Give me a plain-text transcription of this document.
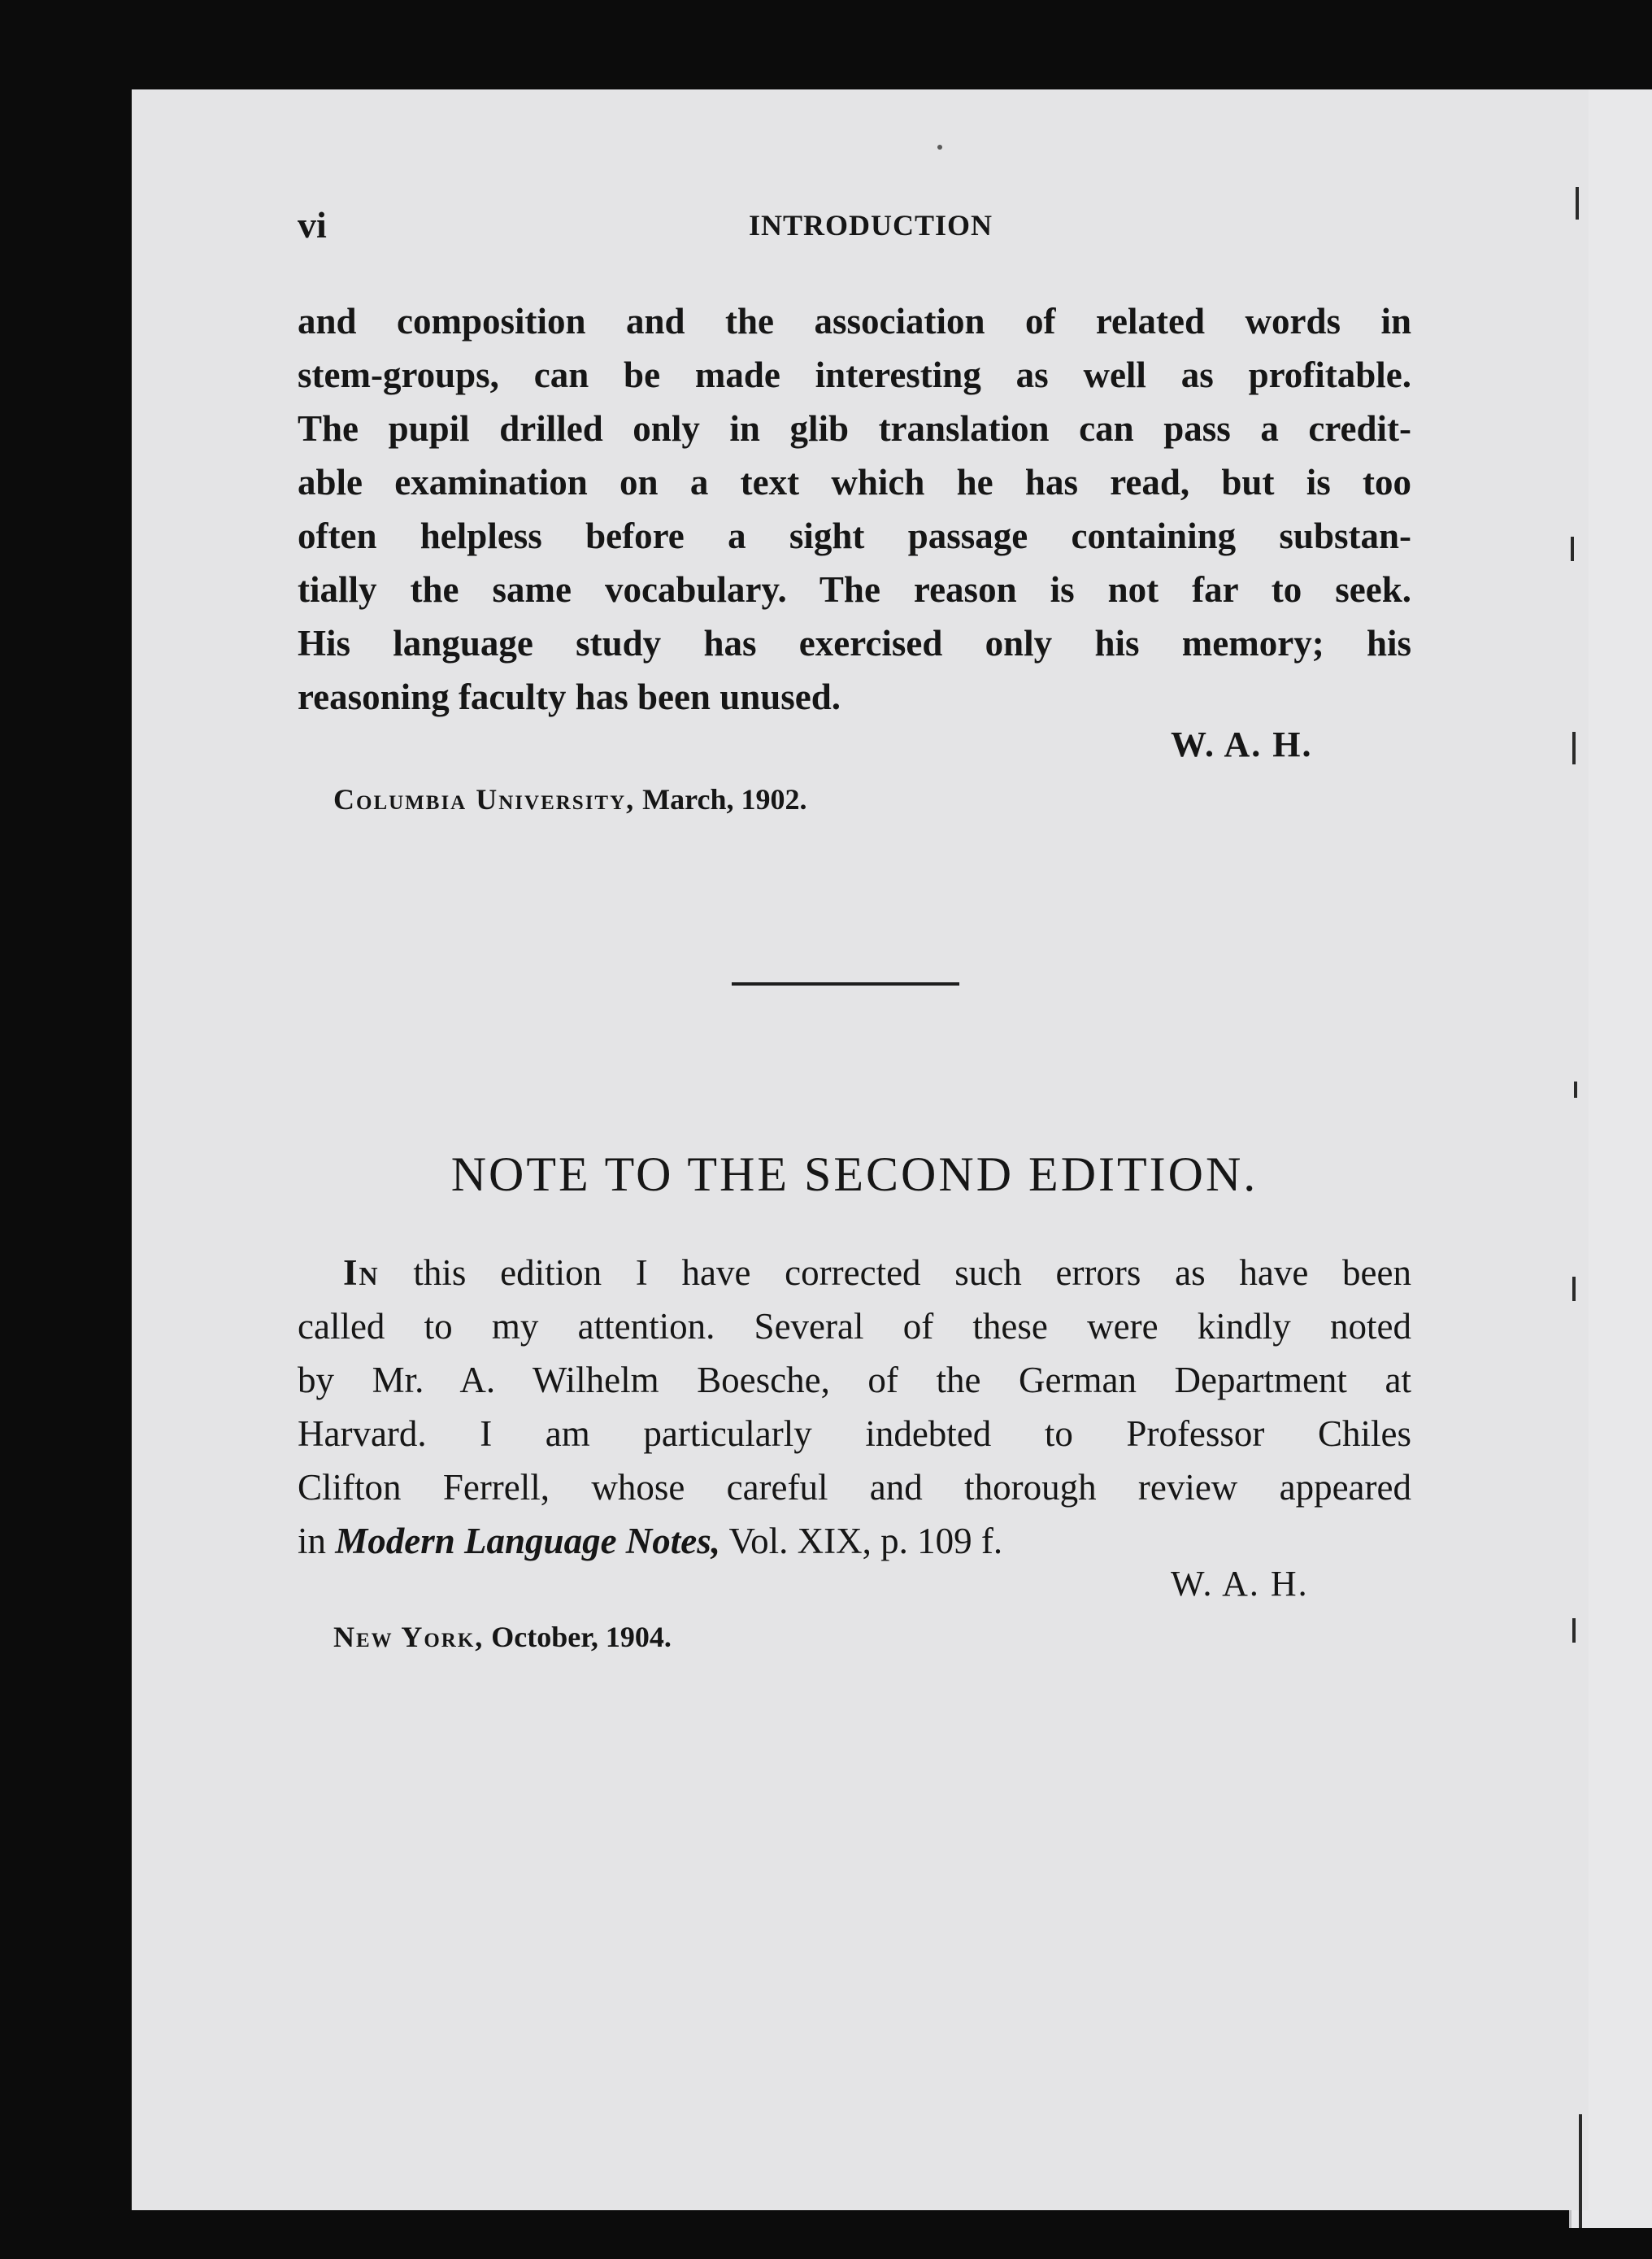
vi	INTRODUCTION

and composition and the association of related words in
stem-groups, can be made interesting as well as profitable.
The pupil drilled only in glib translation can pass a credit-
able examination on a text which he has read, but is too
often helpless before a sight passage containing substan-
tially the same vocabulary. The reason is not far to seek.
His language study has exercised only his memory; his
reasoning faculty has been unused.

W. A. H.
Columbia University, March, 1902.
NOTE TO THE SECOND EDITION.

In this edition I have corrected such errors as have been
called to my attention. Several of these were kindly noted
by Mr. A. Wilhelm Boesche, of the German Department at
Harvard. I am particularly indebted to Professor Chiles
Clifton Ferrell, whose careful and thorough review appeared
in Modern Language Notes, Vol. XIX, p. 109 f.

W. A. H.
New York, October, 1904.
